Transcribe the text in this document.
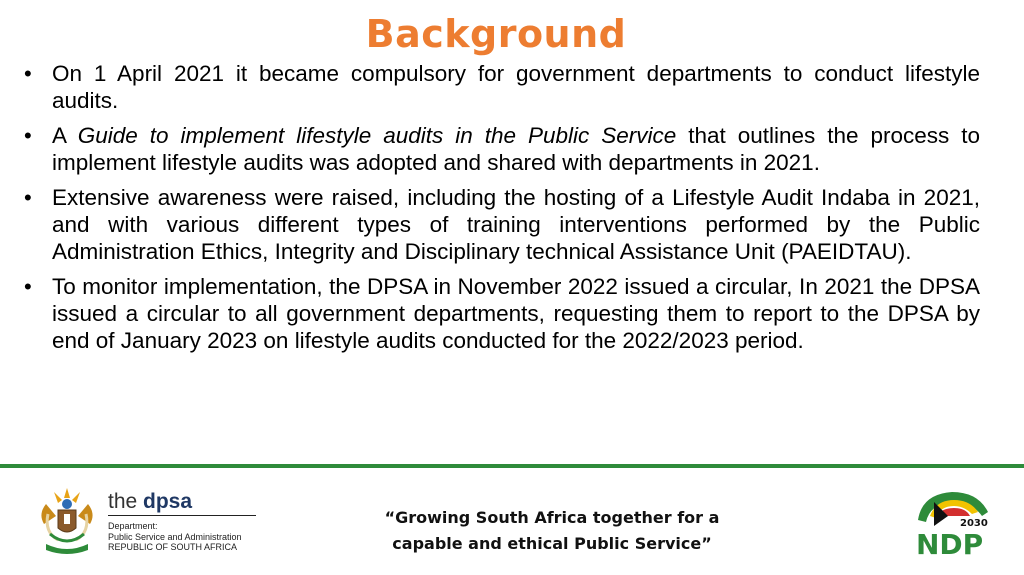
Background
• On 1 April 2021 it became compulsory for government departments to conduct lifestyle audits.
• A Guide to implement lifestyle audits in the Public Service that outlines the process to implement lifestyle audits was adopted and shared with departments in 2021.
• Extensive awareness were raised, including the hosting of a Lifestyle Audit Indaba in 2021, and with various different types of training interventions performed by the Public Administration Ethics, Integrity and Disciplinary technical Assistance Unit (PAEIDTAU).
• To monitor implementation, the DPSA in November 2022 issued a circular, In 2021 the DPSA issued a circular to all government departments, requesting them to report to the DPSA by end of January 2023 on lifestyle audits conducted for the 2022/2023 period.
the dpsa
Department:
Public Service and Administration
REPUBLIC OF SOUTH AFRICA
“Growing South Africa together for a
capable and ethical Public Service”
2030
NDP
